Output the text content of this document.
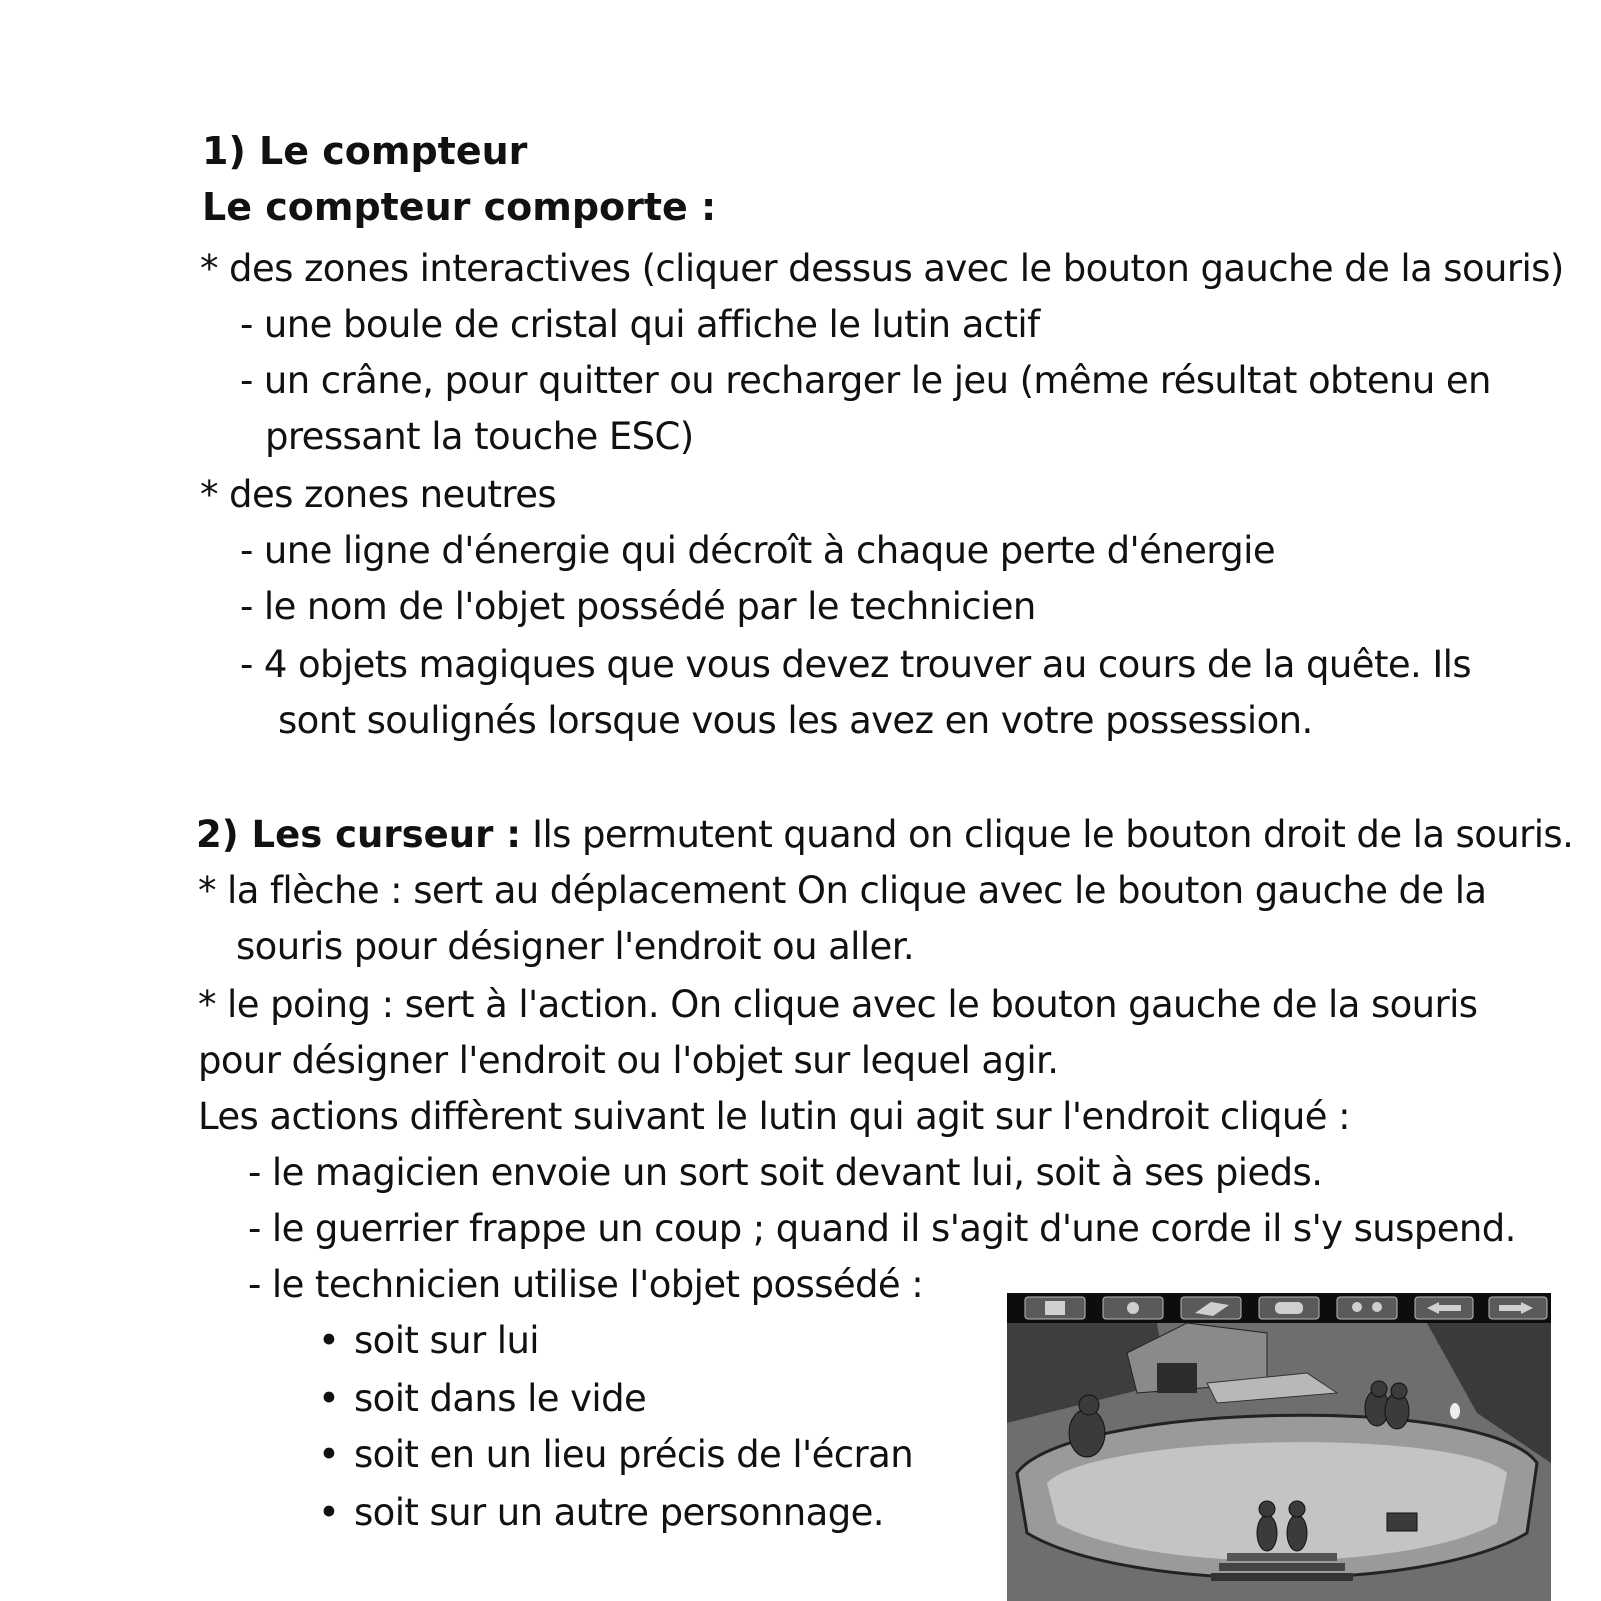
1) Le compteur
Le compteur comporte :
* des zones interactives (cliquer dessus avec le bouton gauche de la souris)
- une boule de cristal qui affiche le lutin actif
- un crâne, pour quitter ou recharger le jeu (même résultat obtenu en
pressant la touche ESC)
* des zones neutres
- une ligne d'énergie qui décroît à chaque perte d'énergie
- le nom de l'objet possédé par le technicien
- 4 objets magiques que vous devez trouver au cours de la quête. Ils
sont soulignés lorsque vous les avez en votre possession.
2) Les curseur : Ils permutent quand on clique le bouton droit de la souris.
* la flèche : sert au déplacement On clique avec le bouton gauche de la
souris pour désigner l'endroit ou aller.
* le poing : sert à l'action. On clique avec le bouton gauche de la souris
pour désigner l'endroit ou l'objet sur lequel agir.
Les actions diffèrent suivant le lutin qui agit sur l'endroit cliqué :
- le magicien envoie un sort soit devant lui, soit à ses pieds.
- le guerrier frappe un coup ; quand il s'agit d'une corde il s'y suspend.
- le technicien utilise l'objet possédé :
• soit sur lui
• soit dans le vide
• soit en un lieu précis de l'écran
• soit sur un autre personnage.
